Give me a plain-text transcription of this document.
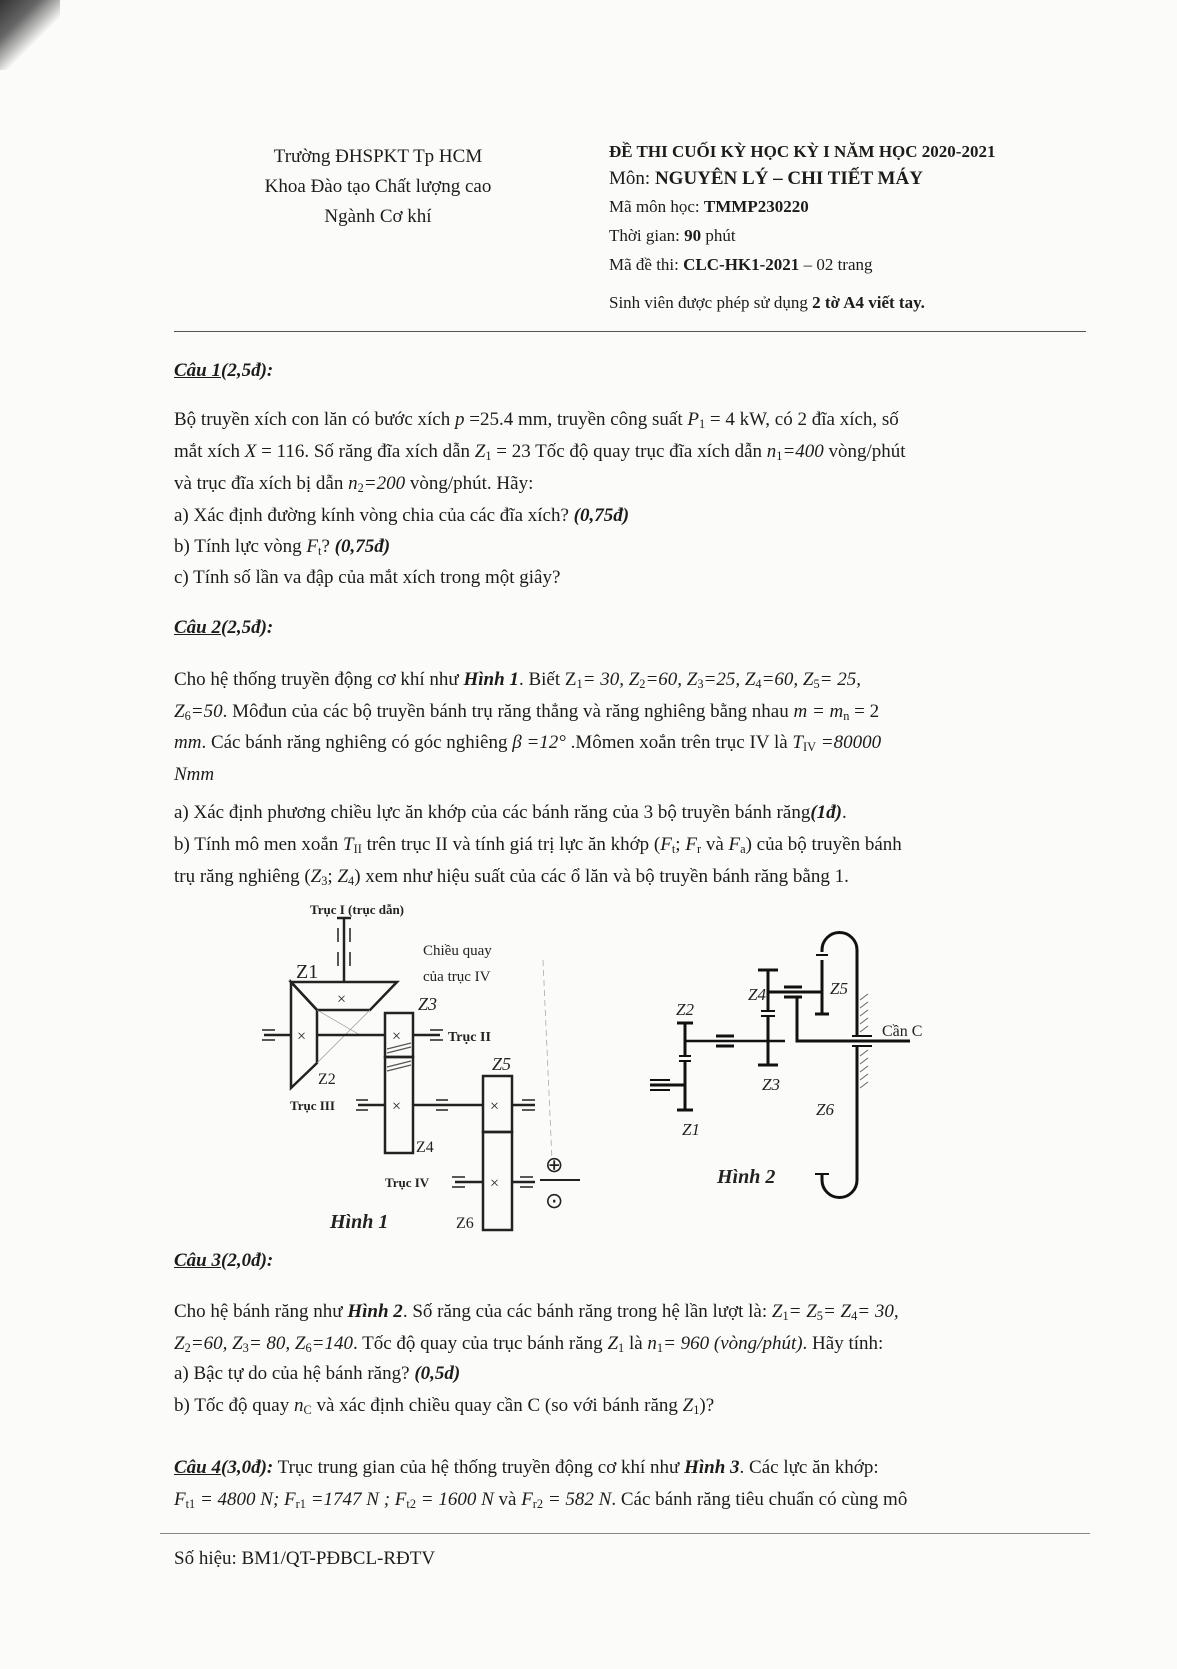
Trường ĐHSPKT Tp HCM
Khoa Đào tạo Chất lượng cao
Ngành Cơ khí
ĐỀ THI CUỐI KỲ HỌC KỲ I NĂM HỌC 2020-2021
Môn: NGUYÊN LÝ – CHI TIẾT MÁY
Mã môn học: TMMP230220
Thời gian: 90 phút
Mã đề thi: CLC-HK1-2021 – 02 trang
Sinh viên được phép sử dụng 2 tờ A4 viết tay.
Câu 1(2,5đ):
Bộ truyền xích con lăn có bước xích p =25.4 mm, truyền công suất $P_1 = 4$ kW, có 2 đĩa xích, số
mắt xích X = 116. Số răng đĩa xích dẫn $Z_1 = 23$ Tốc độ quay trục đĩa xích dẫn $n_1=400$ vòng/phút
và trục đĩa xích bị dẫn $n_2=200$ vòng/phút. Hãy:
a) Xác định đường kính vòng chia của các đĩa xích? (0,75đ)
b) Tính lực vòng $F_t$? (0,75đ)
c) Tính số lần va đập của mắt xích trong một giây?
Câu 2(2,5đ):
Cho hệ thống truyền động cơ khí như Hình 1. Biết $Z_1= 30$, $Z_2=60$, $Z_3=25$, $Z_4=60$, $Z_5= 25$,
$Z_6=50$. Môđun của các bộ truyền bánh trụ răng thẳng và răng nghiêng bằng nhau $m = m_n = 2$
mm. Các bánh răng nghiêng có góc nghiêng β =12° .Mômen xoắn trên trục IV là $T_{IV} =80000$
Nmm
a) Xác định phương chiều lực ăn khớp của các bánh răng của 3 bộ truyền bánh răng(1đ).
b) Tính mô men xoắn $T_{II}$ trên trục II và tính giá trị lực ăn khớp ($F_t$; $F_r$ và $F_a$) của bộ truyền bánh
trụ răng nghiêng ($Z_3$; $Z_4$) xem như hiệu suất của các ổ lăn và bộ truyền bánh răng bằng 1.
Trục I (trục dẫn)
×
Z1
×
Z2
Trục II
×
Z3
Z4
Trục III	×	×
Z5
Z6
Trục IV	×
Chiều quay
của trục IV
⊕
⊙
Hình 1
Z2
Z1
Z3
Z4	Z5
Z6
Cần C
Hình 2
Câu 3(2,0đ):
Cho hệ bánh răng như Hình 2. Số răng của các bánh răng trong hệ lần lượt là: $Z_1= Z_5= Z_4= 30$,
$Z_2=60$, $Z_3= 80$, $Z_6=140$. Tốc độ quay của trục bánh răng $Z_1$ là $n_1= 960$ (vòng/phút). Hãy tính:
a) Bậc tự do của hệ bánh răng? (0,5d)
b) Tốc độ quay $n_C$ và xác định chiều quay cần C (so với bánh răng $Z_1$)?
Câu 4(3,0đ): Trục trung gian của hệ thống truyền động cơ khí như Hình 3. Các lực ăn khớp:
$F_{t1} = 4800$ N; $F_{r1} =1747$ N ; $F_{t2} = 1600$ N và $F_{r2} = 582$ N. Các bánh răng tiêu chuẩn có cùng mô
Số hiệu: BM1/QT-PĐBCL-RĐTV
